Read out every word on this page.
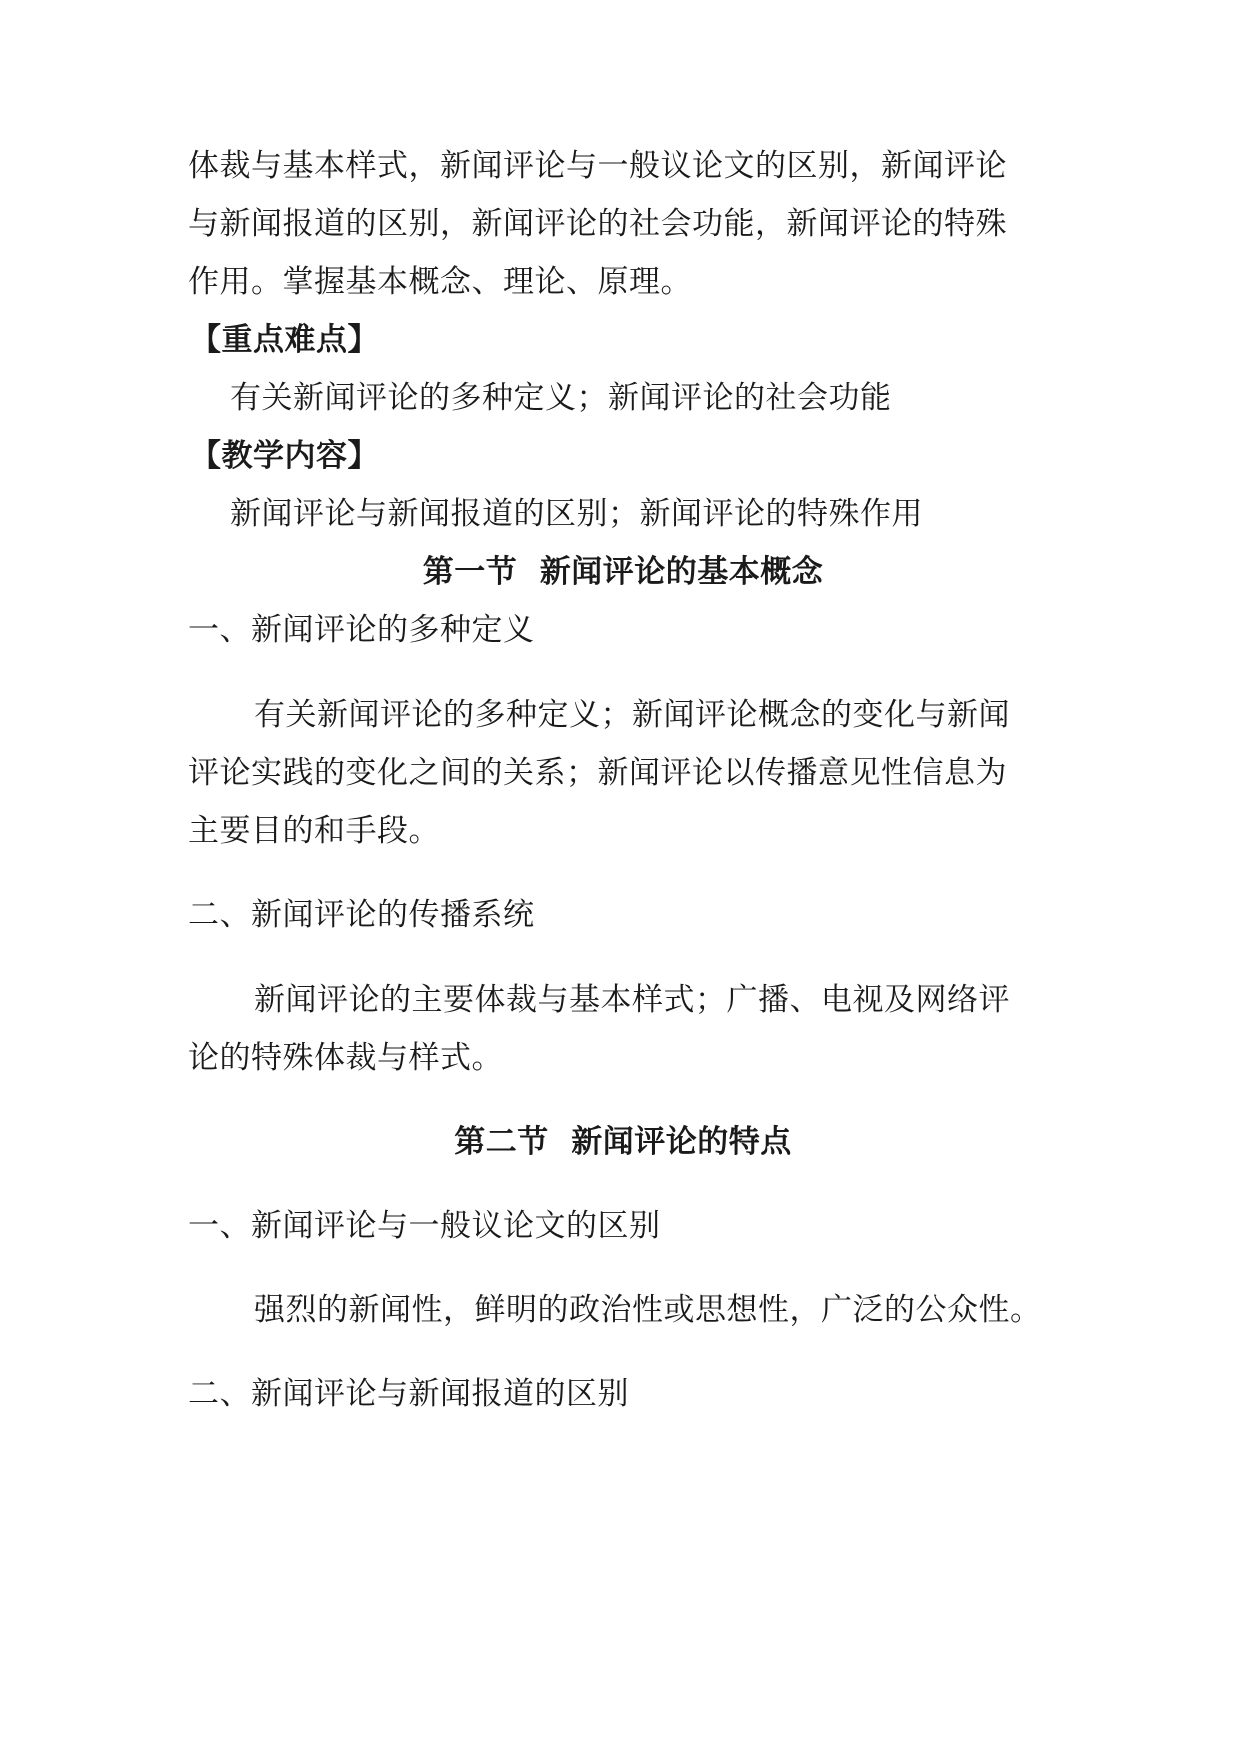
体裁与基本样式，新闻评论与一般议论文的区别，新闻评论
与新闻报道的区别，新闻评论的社会功能，新闻评论的特殊
作用。掌握基本概念、理论、原理。
【重点难点】
有关新闻评论的多种定义；新闻评论的社会功能
【教学内容】
新闻评论与新闻报道的区别；新闻评论的特殊作用
第一节  新闻评论的基本概念
一、新闻评论的多种定义
有关新闻评论的多种定义；新闻评论概念的变化与新闻
评论实践的变化之间的关系；新闻评论以传播意见性信息为
主要目的和手段。
二、新闻评论的传播系统
新闻评论的主要体裁与基本样式；广播、电视及网络评
论的特殊体裁与样式。
第二节  新闻评论的特点
一、新闻评论与一般议论文的区别
强烈的新闻性，鲜明的政治性或思想性，广泛的公众性。
二、新闻评论与新闻报道的区别
